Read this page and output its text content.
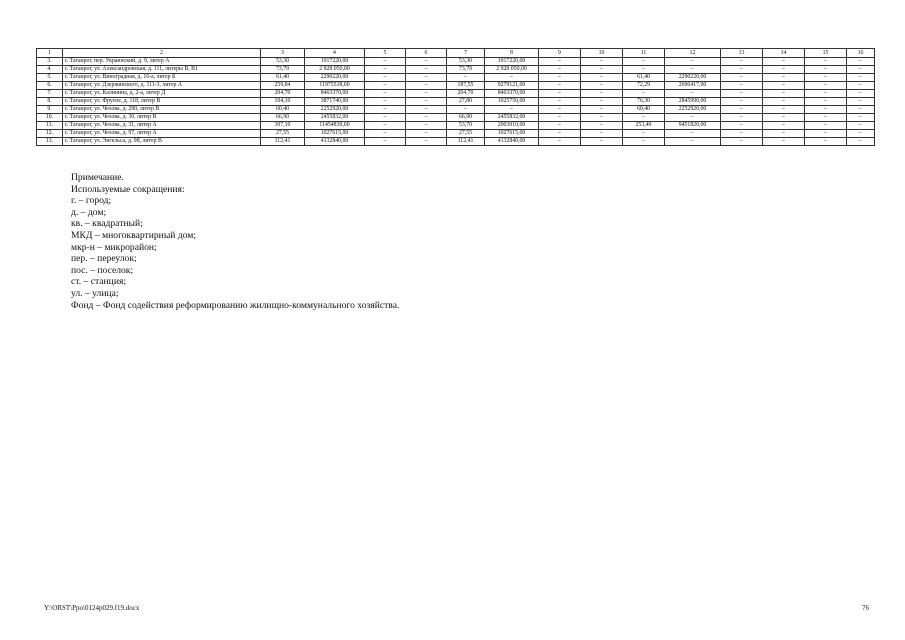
1	2	3	4	5	6	7	8	9	10	11	12	13	14	15	16
3.	г. Таганрог, пер. Украинский, д. 9, литер А	53,30	1917220,00	–	–	53,30	1917220,00	–	–	–	–	–	–	–	–
4.	г. Таганрог, ул. Александровская, д. 111, литеры В, В1	73,79	2 928 050,00	–	–	73,79	2 928 050,00	–	–	–	–	–	–	–	–
5.	г. Таганрог, ул. Виноградная, д. 16-а, литер Б	61,40	2290220,00	–	–	–	–	–	–	61,40	2290220,00	–	–	–	–
6.	г. Таганрог, ул. Дзержинского, д. 111-3, литер А	259,84	11975538,00	–	–	187,55	9279121,00	–	–	72,29	2696417,00	–	–	–	–
7.	г. Таганрог, ул. Калинина, д. 2-а, литер Д	204,70	8463370,00	–	–	204,70	8463370,00	–	–	–	–	–	–	–	–
8.	г. Таганрог, ул. Фрунзе, д. 118, литер В	104,10	3871740,00	–	–	27,80	1025750,00	–	–	76,30	2845990,00	–	–	–	–
9.	г. Таганрог, ул. Чехова, д. 290, литер В	60,40	2252920,00	–	–	–	–	–	–	60,40	2252920,00	–	–	–	–
10.	г. Таганрог, ул. Чехова, д. 30, литер В	66,90	2455832,00	–	–	66,90	2455832,00	–	–	–	–	–	–	–	–
11.	г. Таганрог, ул. Чехова, д. 31, литер А	307,10	11454830,00	–	–	53,70	2003010,00	–	–	253,40	9451820,00	–	–	–	–
12.	г. Таганрог, ул. Чехова, д. 97, литер А	27,55	1027615,00	–	–	27,55	1027615,00	–	–	–	–	–	–	–	–
13.	г. Таганрог, ул. Энгельса, д. 98, литер В	112,41	4132840,00	–	–	112,41	4132840,00	–	–	–	–	–	–	–	–
Примечание.
Используемые сокращения:
г. – город;
д. – дом;
кв. – квадратный;
МКД – многоквартирный дом;
мкр-н – микрорайон;
пер. – переулок;
пос. – поселок;
ст. – станция;
ул. – улица;
Фонд – Фонд содействия реформированию жилищно-коммунального хозяйства.
Y:\ORST\Ppo\0124p029.f19.docx	76
